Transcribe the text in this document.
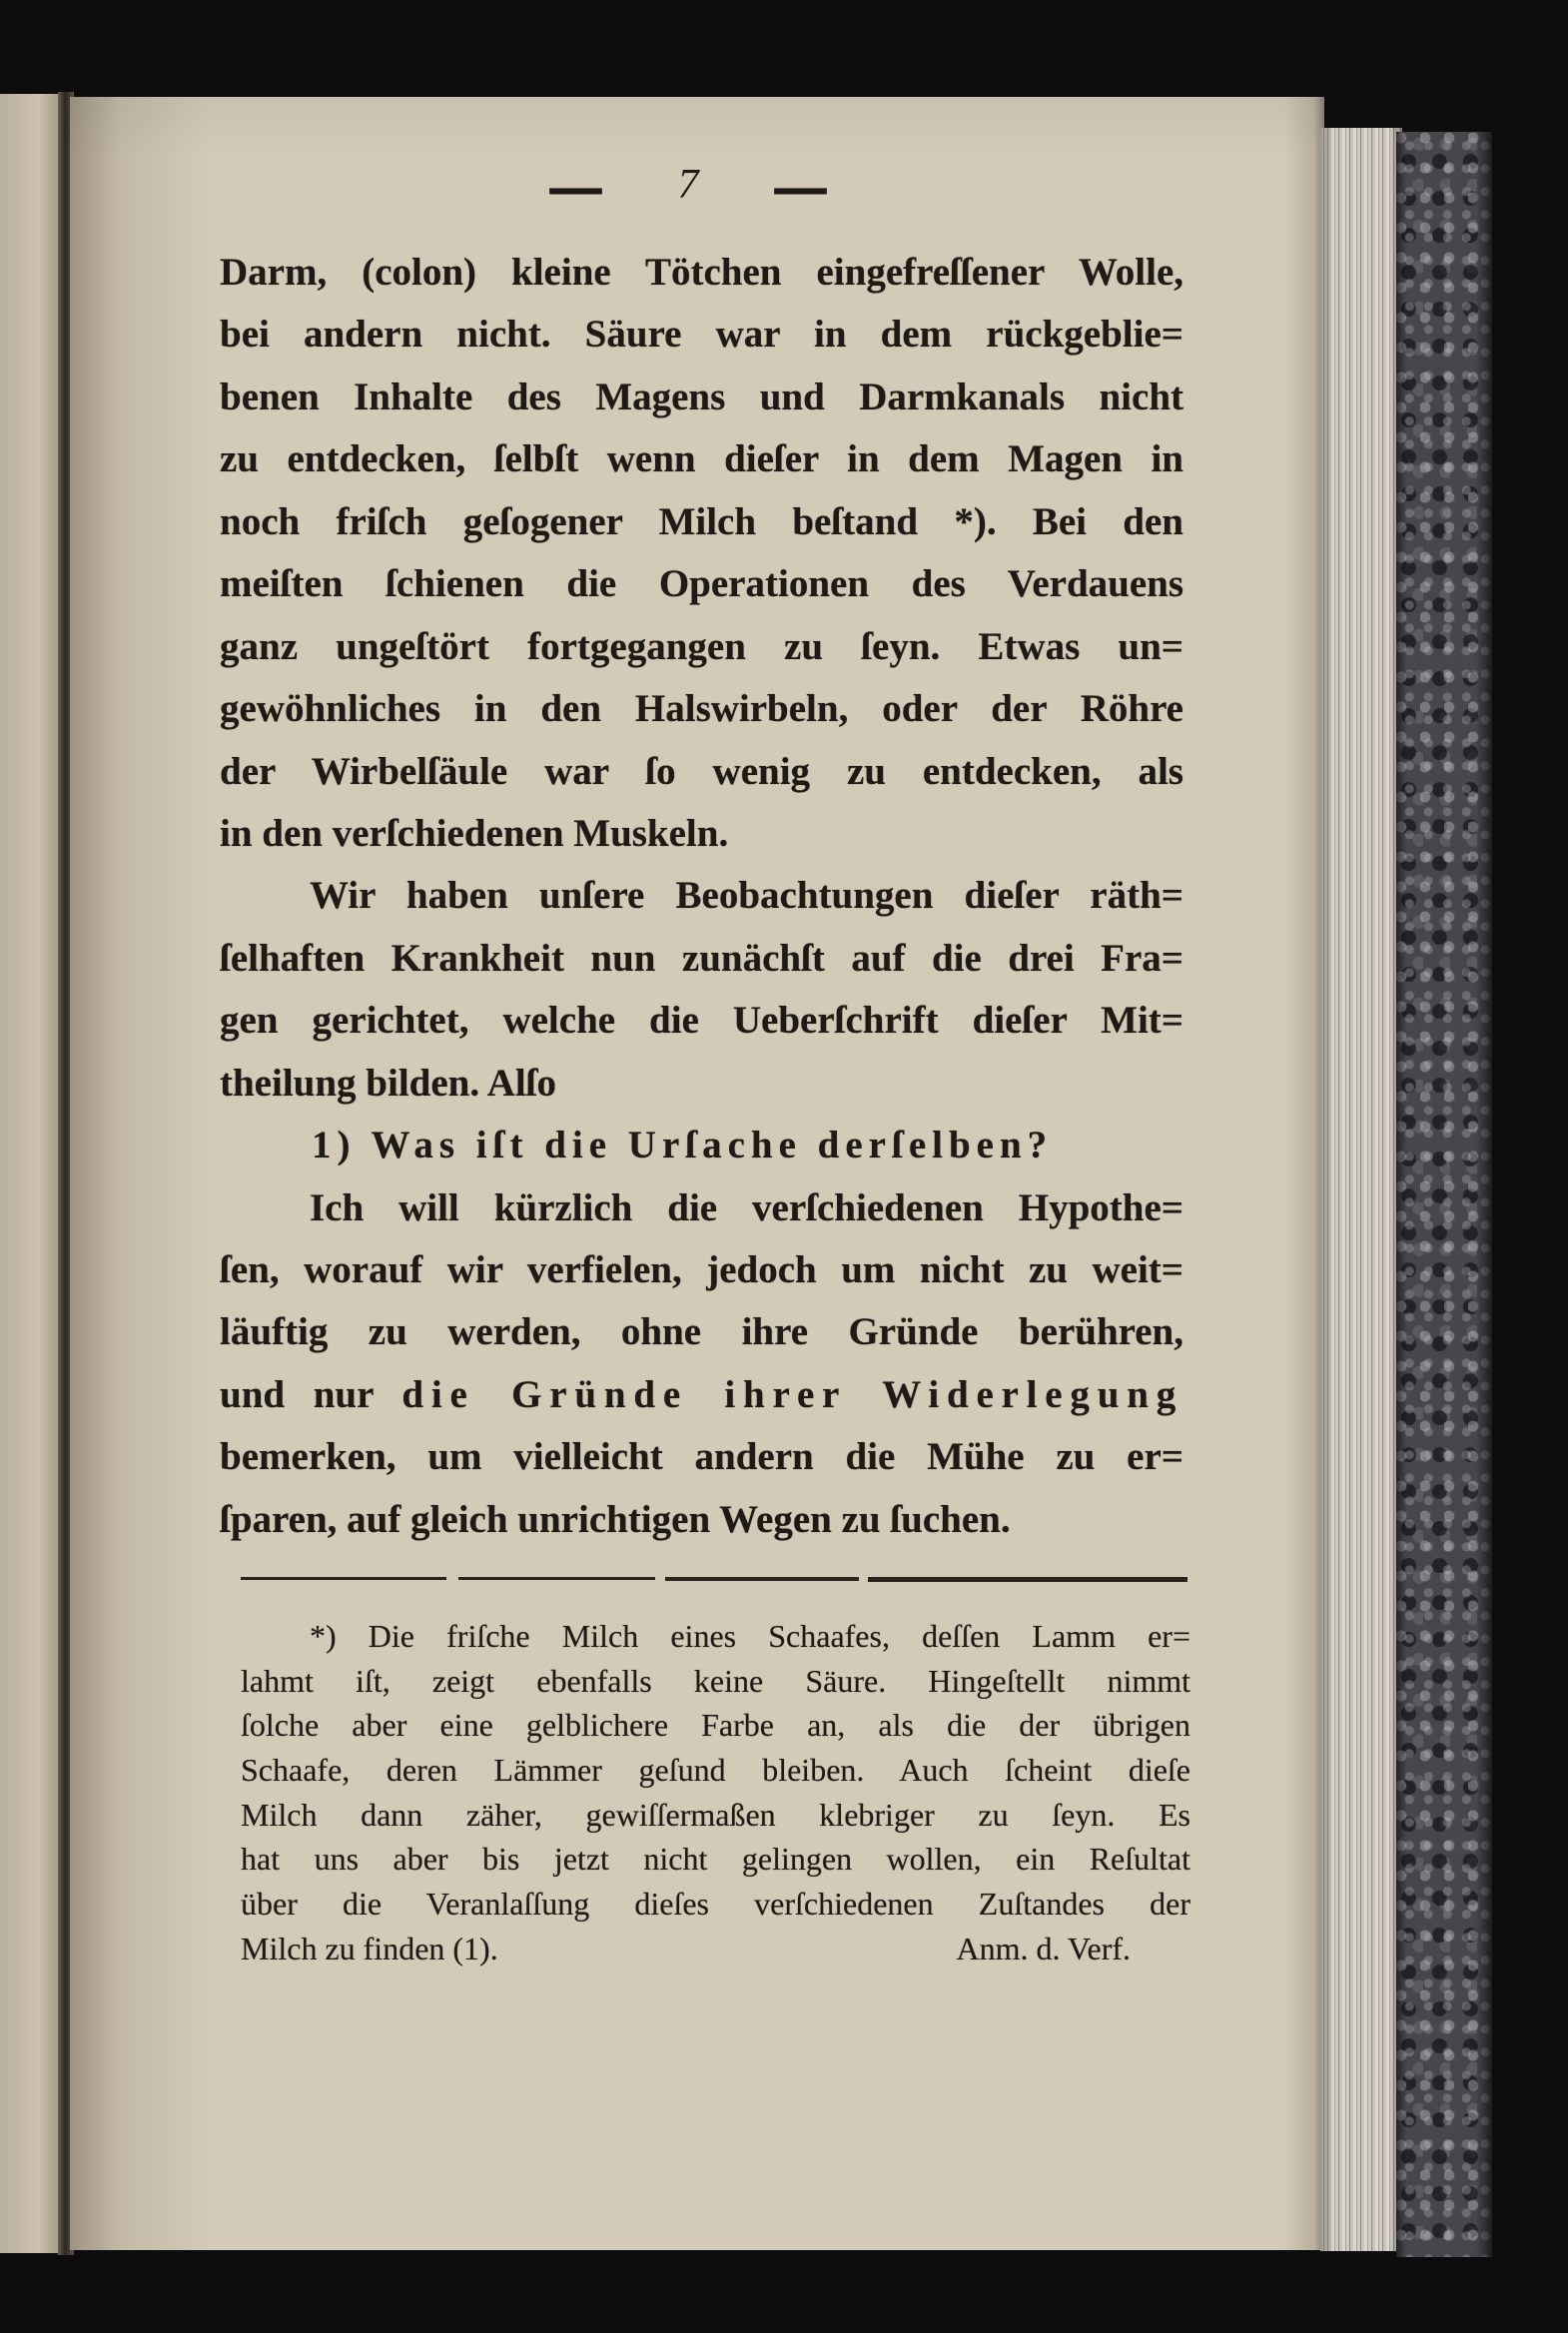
— 7 —
Darm, (colon) kleine Tötchen eingefreſſener Wolle,
bei andern nicht. Säure war in dem rückgeblie=
benen Inhalte des Magens und Darmkanals nicht
zu entdecken, ſelbſt wenn dieſer in dem Magen in
noch friſch geſogener Milch beſtand *). Bei den
meiſten ſchienen die Operationen des Verdauens
ganz ungeſtört fortgegangen zu ſeyn. Etwas un=
gewöhnliches in den Halswirbeln, oder der Röhre
der Wirbelſäule war ſo wenig zu entdecken, als
in den verſchiedenen Muskeln.
Wir haben unſere Beobachtungen dieſer räth=
ſelhaften Krankheit nun zunächſt auf die drei Fra=
gen gerichtet, welche die Ueberſchrift dieſer Mit=
theilung bilden. Alſo
1) Was iſt die Urſache derſelben?
Ich will kürzlich die verſchiedenen Hypothe=
ſen, worauf wir verfielen, jedoch um nicht zu weit=
läuftig zu werden, ohne ihre Gründe berühren,
und nur die Gründe ihrer Widerlegung
bemerken, um vielleicht andern die Mühe zu er=
ſparen, auf gleich unrichtigen Wegen zu ſuchen.
*) Die friſche Milch eines Schaafes, deſſen Lamm er=
lahmt iſt, zeigt ebenfalls keine Säure. Hingeſtellt nimmt
ſolche aber eine gelblichere Farbe an, als die der übrigen
Schaafe, deren Lämmer geſund bleiben. Auch ſcheint dieſe
Milch dann zäher, gewiſſermaßen klebriger zu ſeyn. Es
hat uns aber bis jetzt nicht gelingen wollen, ein Reſultat
über die Veranlaſſung dieſes verſchiedenen Zuſtandes der
Milch zu finden (1).	Anm. d. Verf.
